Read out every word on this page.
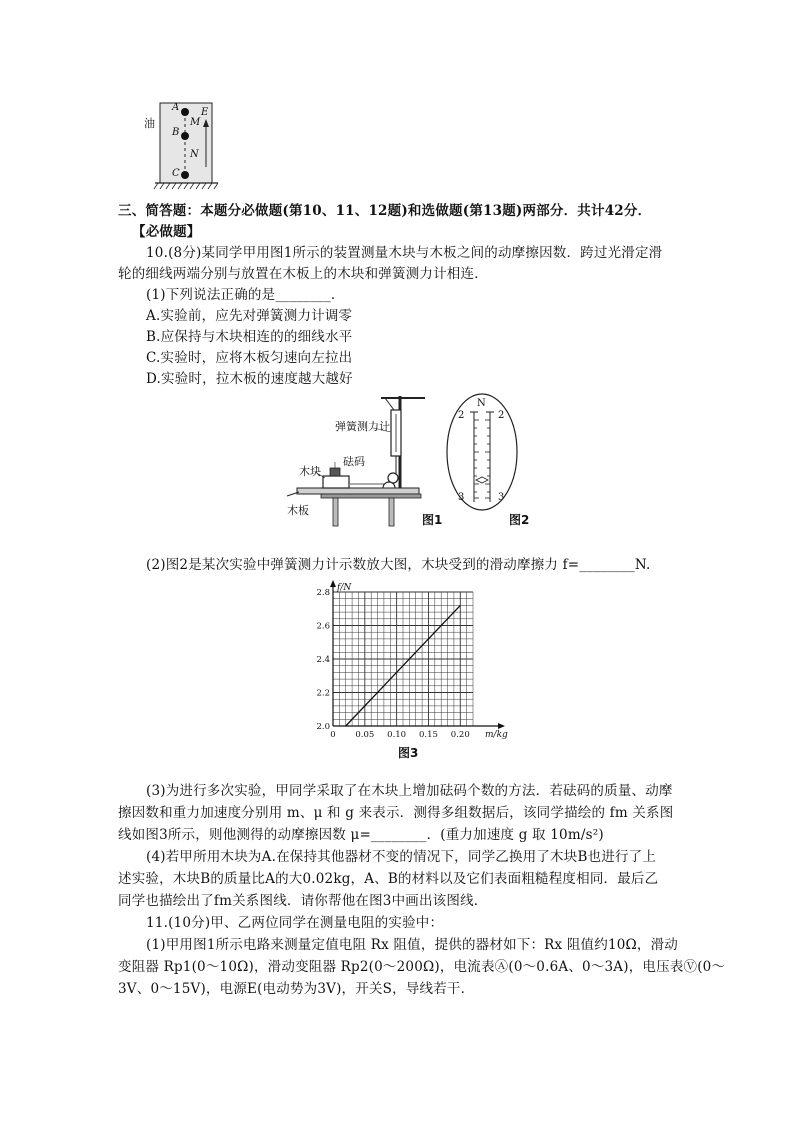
油
A
M
B
N
C
E
三、简答题：本题分必做题(第10、11、12题)和选做题(第13题)两部分．共计42分．
【必做题】
10.(8分)某同学甲用图1所示的装置测量木块与木板之间的动摩擦因数．跨过光滑定滑
轮的细线两端分别与放置在木板上的木块和弹簧测力计相连．
(1)下列说法正确的是________．
A.实验前，应先对弹簧测力计调零
B.应保持与木块相连的的细线水平
C.实验时，应将木板匀速向左拉出
D.实验时，拉木板的速度越大越好
弹簧测力计
砝码
木块
木板
图1
N
2	2
3	3
图2
(2)图2是某次实验中弹簧测力计示数放大图，木块受到的滑动摩擦力 f=________N.
0 0.05 0.10 0.15 0.20
2.0
2.2
2.4
2.6
2.8
m/kg
f/N
图3
(3)为进行多次实验，甲同学采取了在木块上增加砝码个数的方法．若砝码的质量、动摩
擦因数和重力加速度分别用 m、μ 和 g 来表示．测得多组数据后，该同学描绘的 fm 关系图
线如图3所示，则他测得的动摩擦因数 μ=________．(重力加速度 g 取 10m/s²)
(4)若甲所用木块为A.在保持其他器材不变的情况下，同学乙换用了木块B也进行了上
述实验，木块B的质量比A的大0.02kg，A、B的材料以及它们表面粗糙程度相同．最后乙
同学也描绘出了fm关系图线．请你帮他在图3中画出该图线．
11.(10分)甲、乙两位同学在测量电阻的实验中：
(1)甲用图1所示电路来测量定值电阻 Rx 阻值，提供的器材如下：Rx 阻值约10Ω，滑动
变阻器 Rp1(0～10Ω)，滑动变阻器 Rp2(0～200Ω)，电流表Ⓐ(0～0.6A、0～3A)，电压表Ⓥ(0～
3V、0～15V)，电源E(电动势为3V)，开关S，导线若干．
